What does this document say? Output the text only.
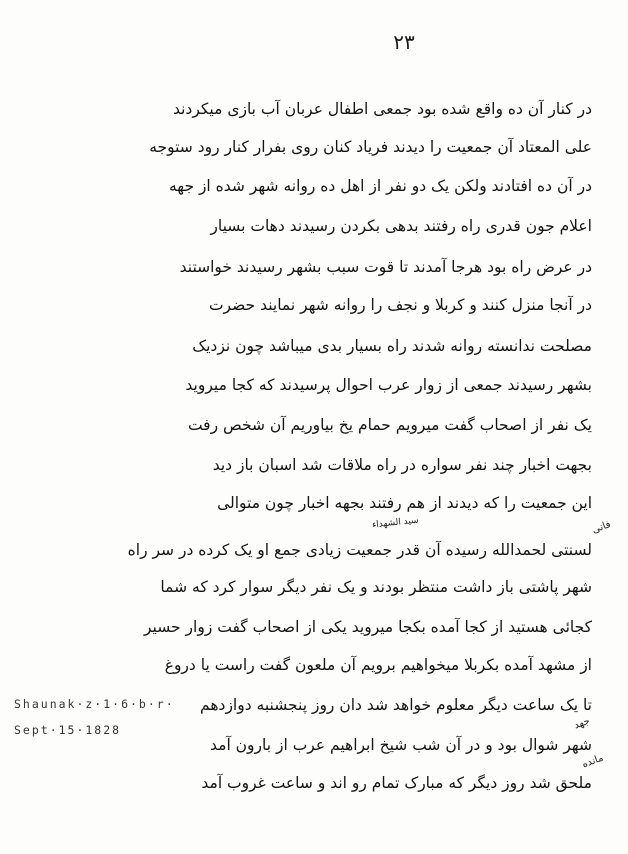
۲۳
در کنار آن ده واقع شده بود جمعی اطفال عربان آب بازی میکردند
علی المعتاد آن جمعیت را دیدند فریاد کنان روی بفرار کنار رود ستوجه
در آن ده افتادند ولکن یک دو نفر از اهل ده روانه شهر شده از جهه
اعلام جون قدری راه رفتند بدهی بکردن رسیدند دهات بسیار
در عرض راه بود هرجا آمدند تا قوت سبب بشهر رسیدند خواستند
در آنجا منزل کنند و کربلا و نجف را روانه شهر نمایند حضرت
مصلحت ندانسته روانه شدند راه بسیار بدی میباشد چون نزدیک
بشهر رسیدند جمعی از زوار عرب احوال پرسیدند که کجا میروید
یک نفر از اصحاب گفت میرویم حمام یخ بیاوریم آن شخص رفت
بجهت اخبار چند نفر سواره در راه ملاقات شد اسبان باز دید
این جمعیت را که دیدند از هم رفتند بجهه اخبار چون متوالی
لسنتی لحمدالله رسیده آن قدر جمعیت زیادی جمع او یک کرده در سر راه
شهر پاشتی باز داشت منتظر بودند و یک نفر دیگر سوار کرد که شما
کجائی هستید از کجا آمده بکجا میروید یکی از اصحاب گفت زوار حسیر
از مشهد آمده بکربلا میخواهیم برویم آن ملعون گفت راست یا دروغ
تا یک ساعت دیگر معلوم خواهد شد دان روز پنجشنبه دوازدهم
شهر شوال بود و در آن شب شیخ ابراهیم عرب از بارون آمد
ملحق شد روز دیگر که مبارک تمام رو اند و ساعت غروب آمد
سید الشهداء	فانی
جهد
مانده
Shaunak·z·1·6·b·r·
Sept·15·1828
